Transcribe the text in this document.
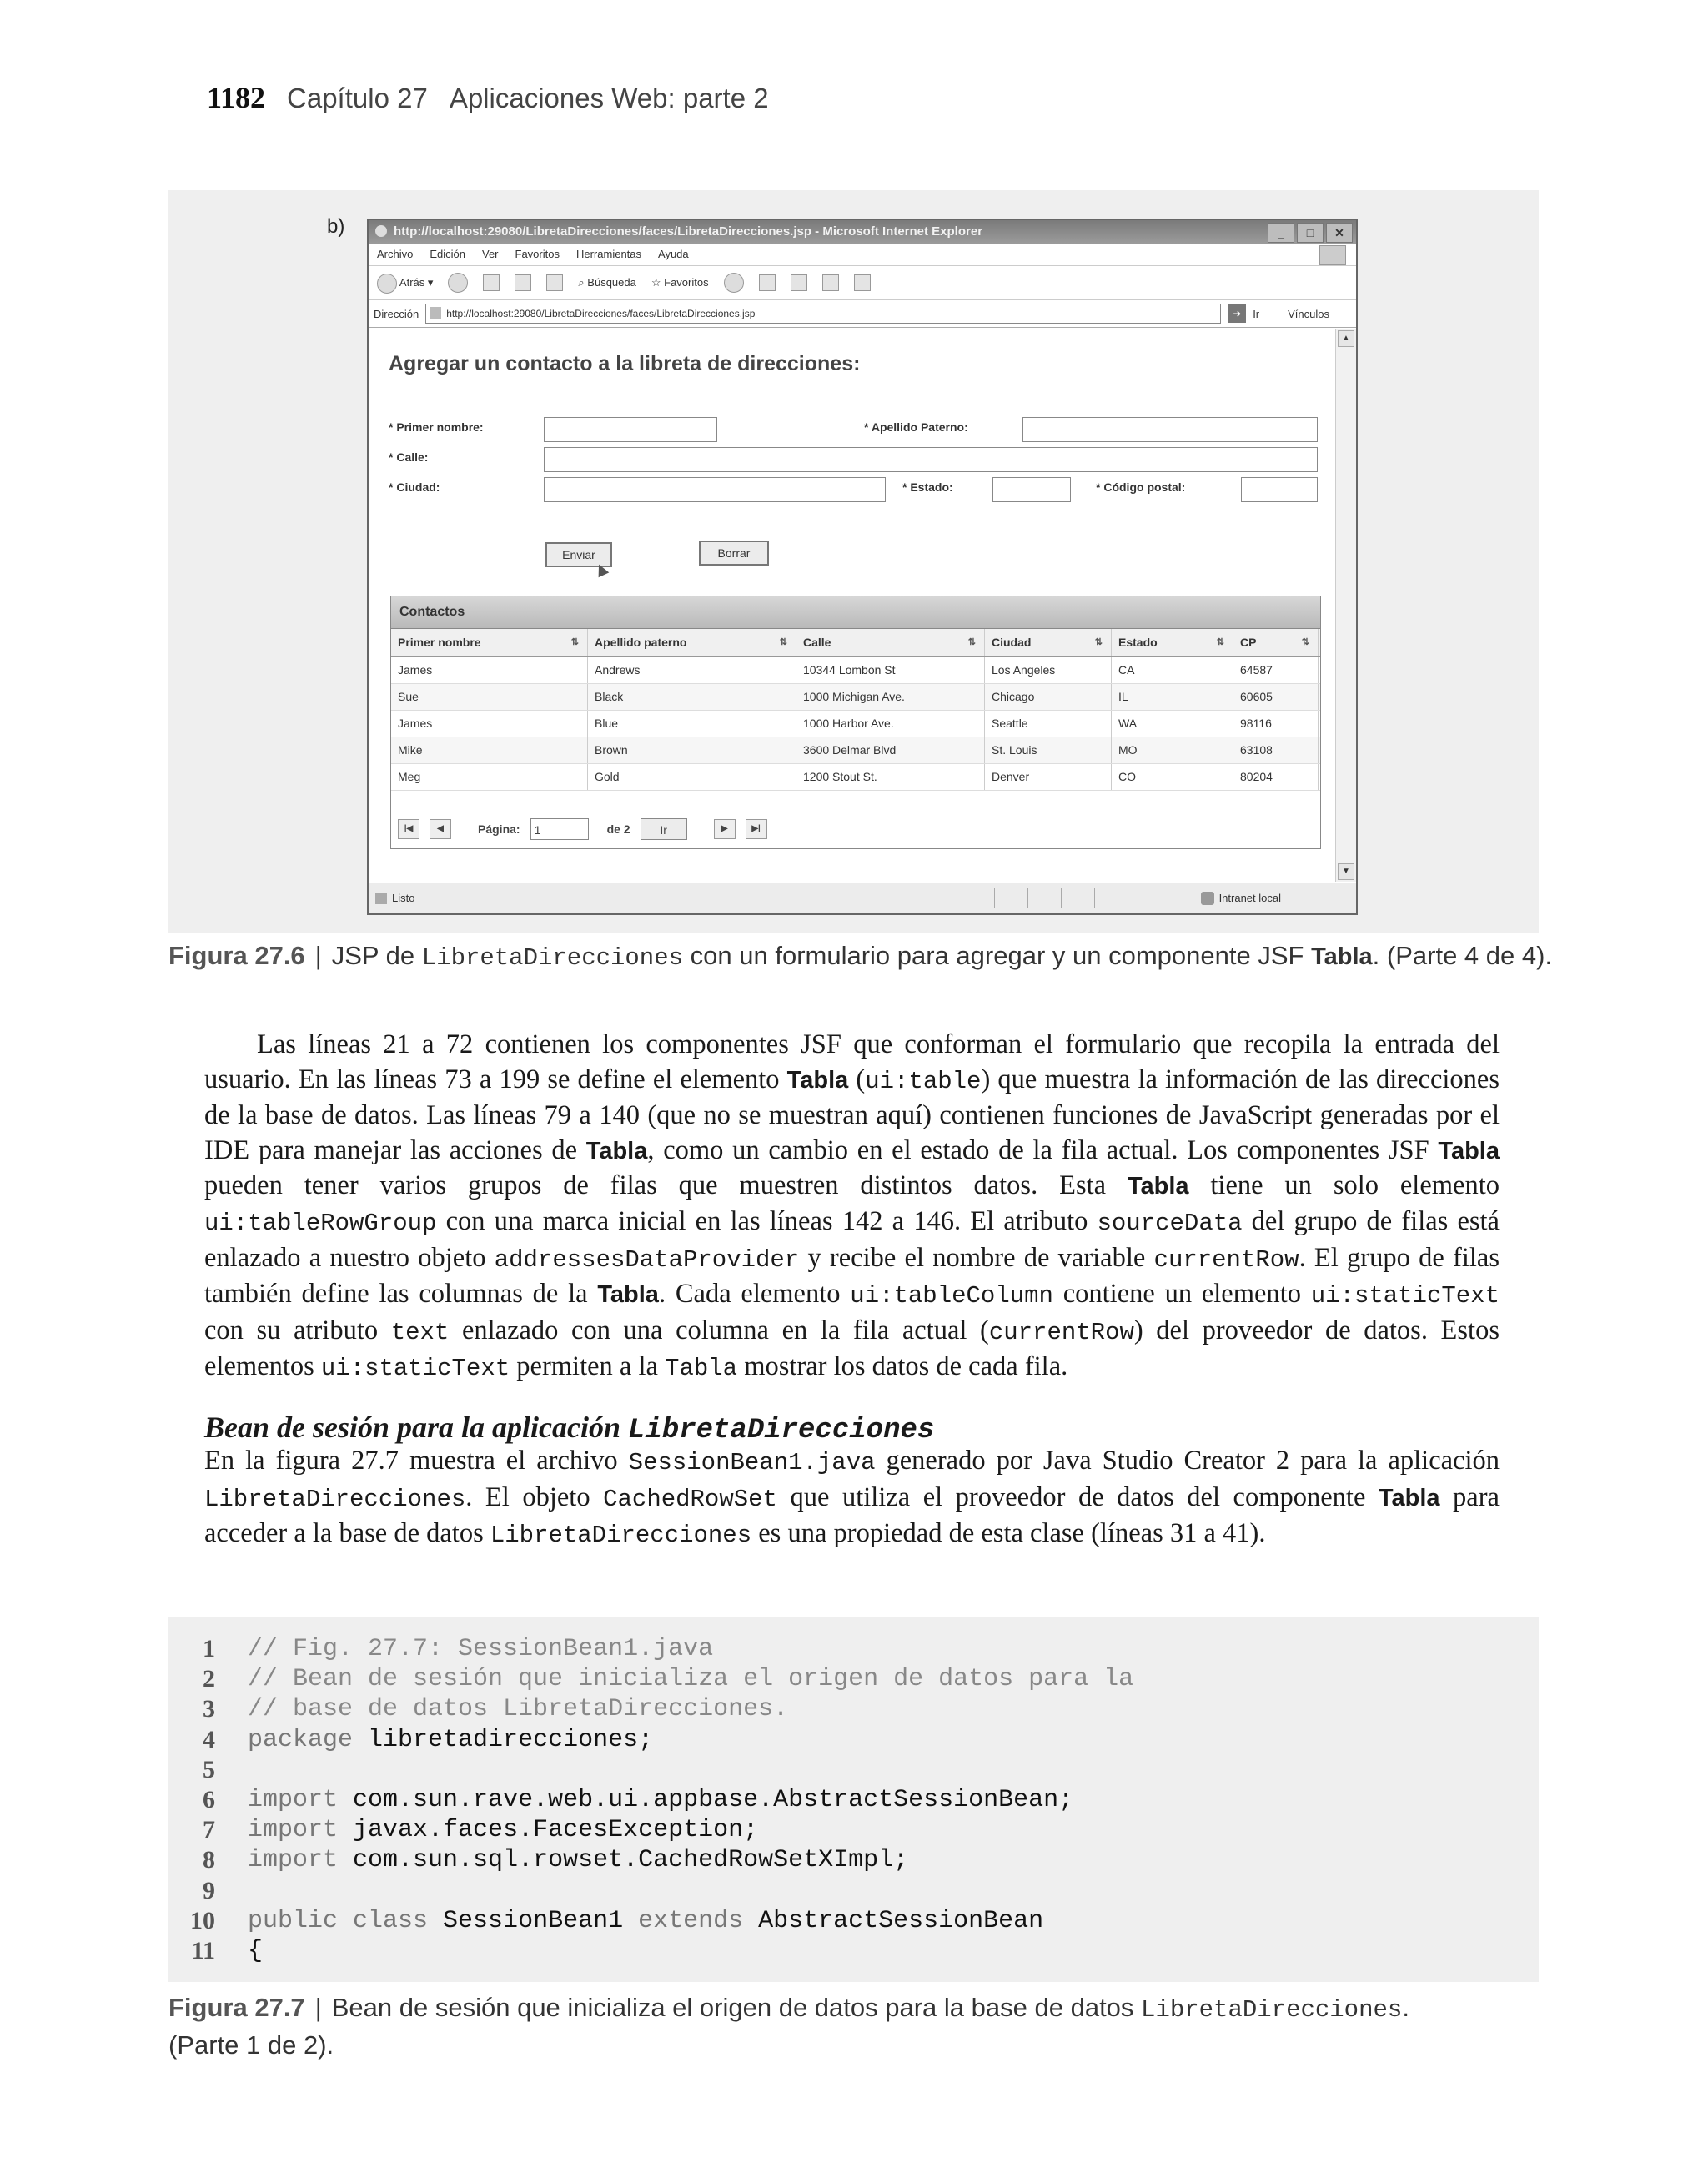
1182 Capítulo 27 Aplicaciones Web: parte 2
b)	http://localhost:29080/LibretaDirecciones/faces/LibretaDirecciones.jsp - Microsoft Internet Explorer	_	□	✕
Archivo Edición Ver Favoritos Herramientas Ayuda
Atrás ▾	⌕ Búsqueda ☆ Favoritos
Dirección	http://localhost:29080/LibretaDirecciones/faces/LibretaDirecciones.jsp	➜	Ir	Vínculos
Agregar un contacto a la libreta de direcciones:
* Primer nombre:	* Apellido Paterno:
* Calle:
* Ciudad:	* Estado:	* Código postal:
Enviar	Borrar
Contactos
Primer nombre	⇅	Apellido paterno	⇅	Calle	⇅	Ciudad	⇅	Estado	⇅	CP	⇅
James	Andrews	10344 Lombon St	Los Angeles	CA	64587
Sue	Black	1000 Michigan Ave.	Chicago	IL	60605
James	Blue	1000 Harbor Ave.	Seattle	WA	98116
Mike	Brown	3600 Delmar Blvd	St. Louis	MO	63108
Meg	Gold	1200 Stout St.	Denver	CO	80204
|◀	◀	Página:	1	de 2	Ir	▶	▶|
▲
▼
Listo	Intranet local
Figura 27.6 | JSP de LibretaDirecciones con un formulario para agregar y un componente JSF Tabla. (Parte 4 de 4).
Las líneas 21 a 72 contienen los componentes JSF que conforman el formulario que recopila la entrada del usuario. En las líneas 73 a 199 se define el elemento Tabla (ui:table) que muestra la información de las direcciones de la base de datos. Las líneas 79 a 140 (que no se muestran aquí) contienen funciones de JavaScript generadas por el IDE para manejar las acciones de Tabla, como un cambio en el estado de la fila actual. Los componentes JSF Tabla pueden tener varios grupos de filas que muestren distintos datos. Esta Tabla tiene un solo elemento ui:tableRowGroup con una marca inicial en las líneas 142 a 146. El atributo sourceData del grupo de filas está enlazado a nuestro objeto addressesDataProvider y recibe el nombre de variable currentRow. El grupo de filas también define las columnas de la Tabla. Cada elemento ui:tableColumn contiene un elemento ui:staticText con su atributo text enlazado con una columna en la fila actual (currentRow) del proveedor de datos. Estos elementos ui:staticText permiten a la Tabla mostrar los datos de cada fila.
Bean de sesión para la aplicación LibretaDirecciones
En la figura 27.7 muestra el archivo SessionBean1.java generado por Java Studio Creator 2 para la aplicación LibretaDirecciones. El objeto CachedRowSet que utiliza el proveedor de datos del componente Tabla para acceder a la base de datos LibretaDirecciones es una propiedad de esta clase (líneas 31 a 41).
1 // Fig. 27.7: SessionBean1.java
2 // Bean de sesión que inicializa el origen de datos para la
3 // base de datos LibretaDirecciones.
4 package libretadirecciones;
5
6 import com.sun.rave.web.ui.appbase.AbstractSessionBean;
7 import javax.faces.FacesException;
8 import com.sun.sql.rowset.CachedRowSetXImpl;
9
10 public class SessionBean1 extends AbstractSessionBean
11 {
Figura 27.7 | Bean de sesión que inicializa el origen de datos para la base de datos LibretaDirecciones.
(Parte 1 de 2).
